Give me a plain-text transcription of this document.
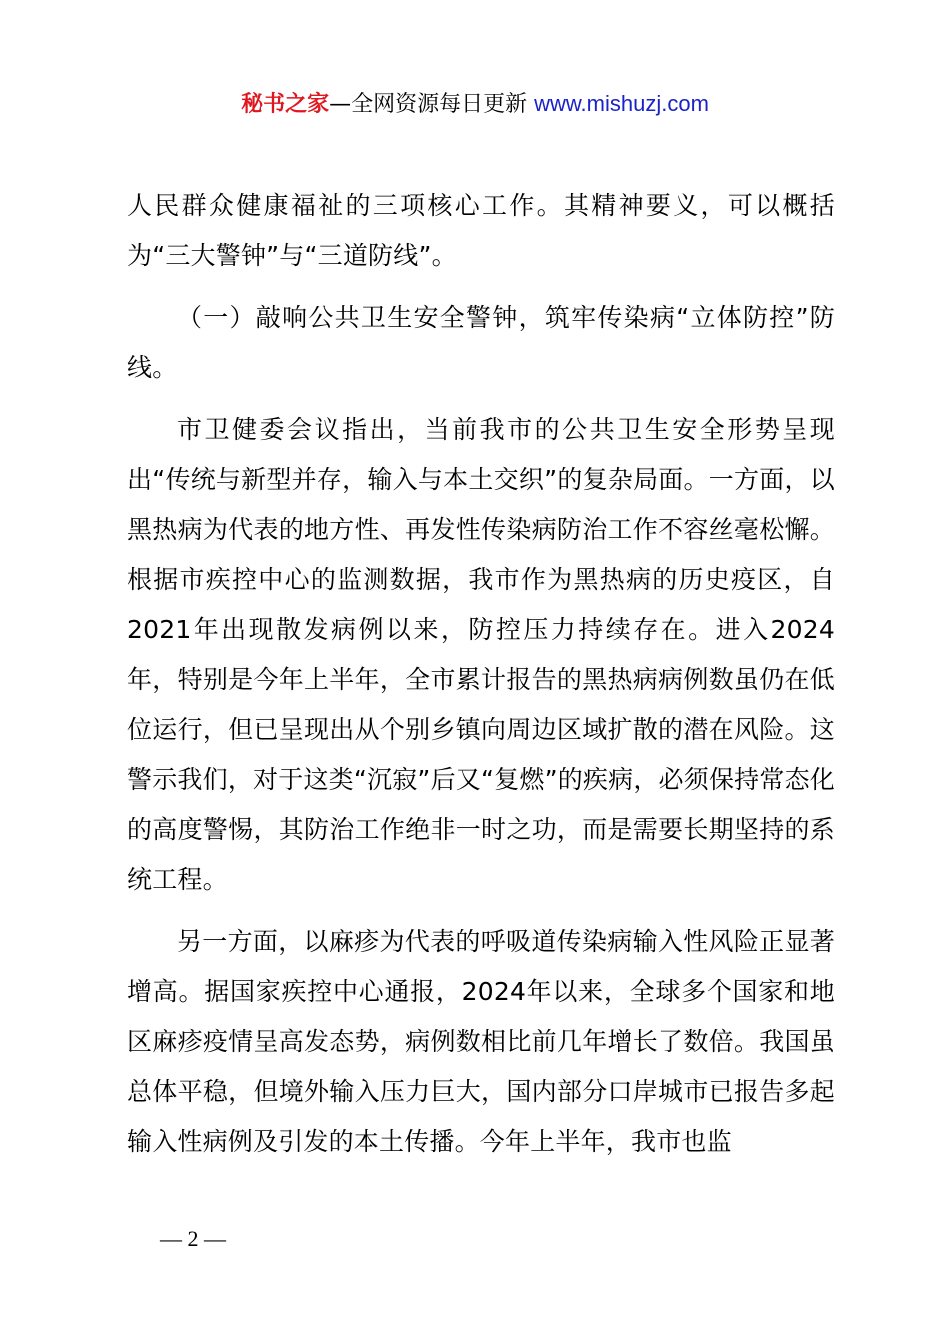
秘书之家—全网资源每日更新 www.mishuzj.com

人民群众健康福祉的三项核心工作。其精神要义，可以概括为“三大警钟”与“三道防线”。

（一）敲响公共卫生安全警钟，筑牢传染病“立体防控”防线。

市卫健委会议指出，当前我市的公共卫生安全形势呈现出“传统与新型并存，输入与本土交织”的复杂局面。一方面，以黑热病为代表的地方性、再发性传染病防治工作不容丝毫松懈。根据市疾控中心的监测数据，我市作为黑热病的历史疫区，自2021年出现散发病例以来，防控压力持续存在。进入2024年，特别是今年上半年，全市累计报告的黑热病病例数虽仍在低位运行，但已呈现出从个别乡镇向周边区域扩散的潜在风险。这警示我们，对于这类“沉寂”后又“复燃”的疾病，必须保持常态化的高度警惕，其防治工作绝非一时之功，而是需要长期坚持的系统工程。

另一方面，以麻疹为代表的呼吸道传染病输入性风险正显著增高。据国家疾控中心通报，2024年以来，全球多个国家和地区麻疹疫情呈高发态势，病例数相比前几年增长了数倍。我国虽总体平稳，但境外输入压力巨大，国内部分口岸城市已报告多起输入性病例及引发的本土传播。今年上半年，我市也监

— 2 —
